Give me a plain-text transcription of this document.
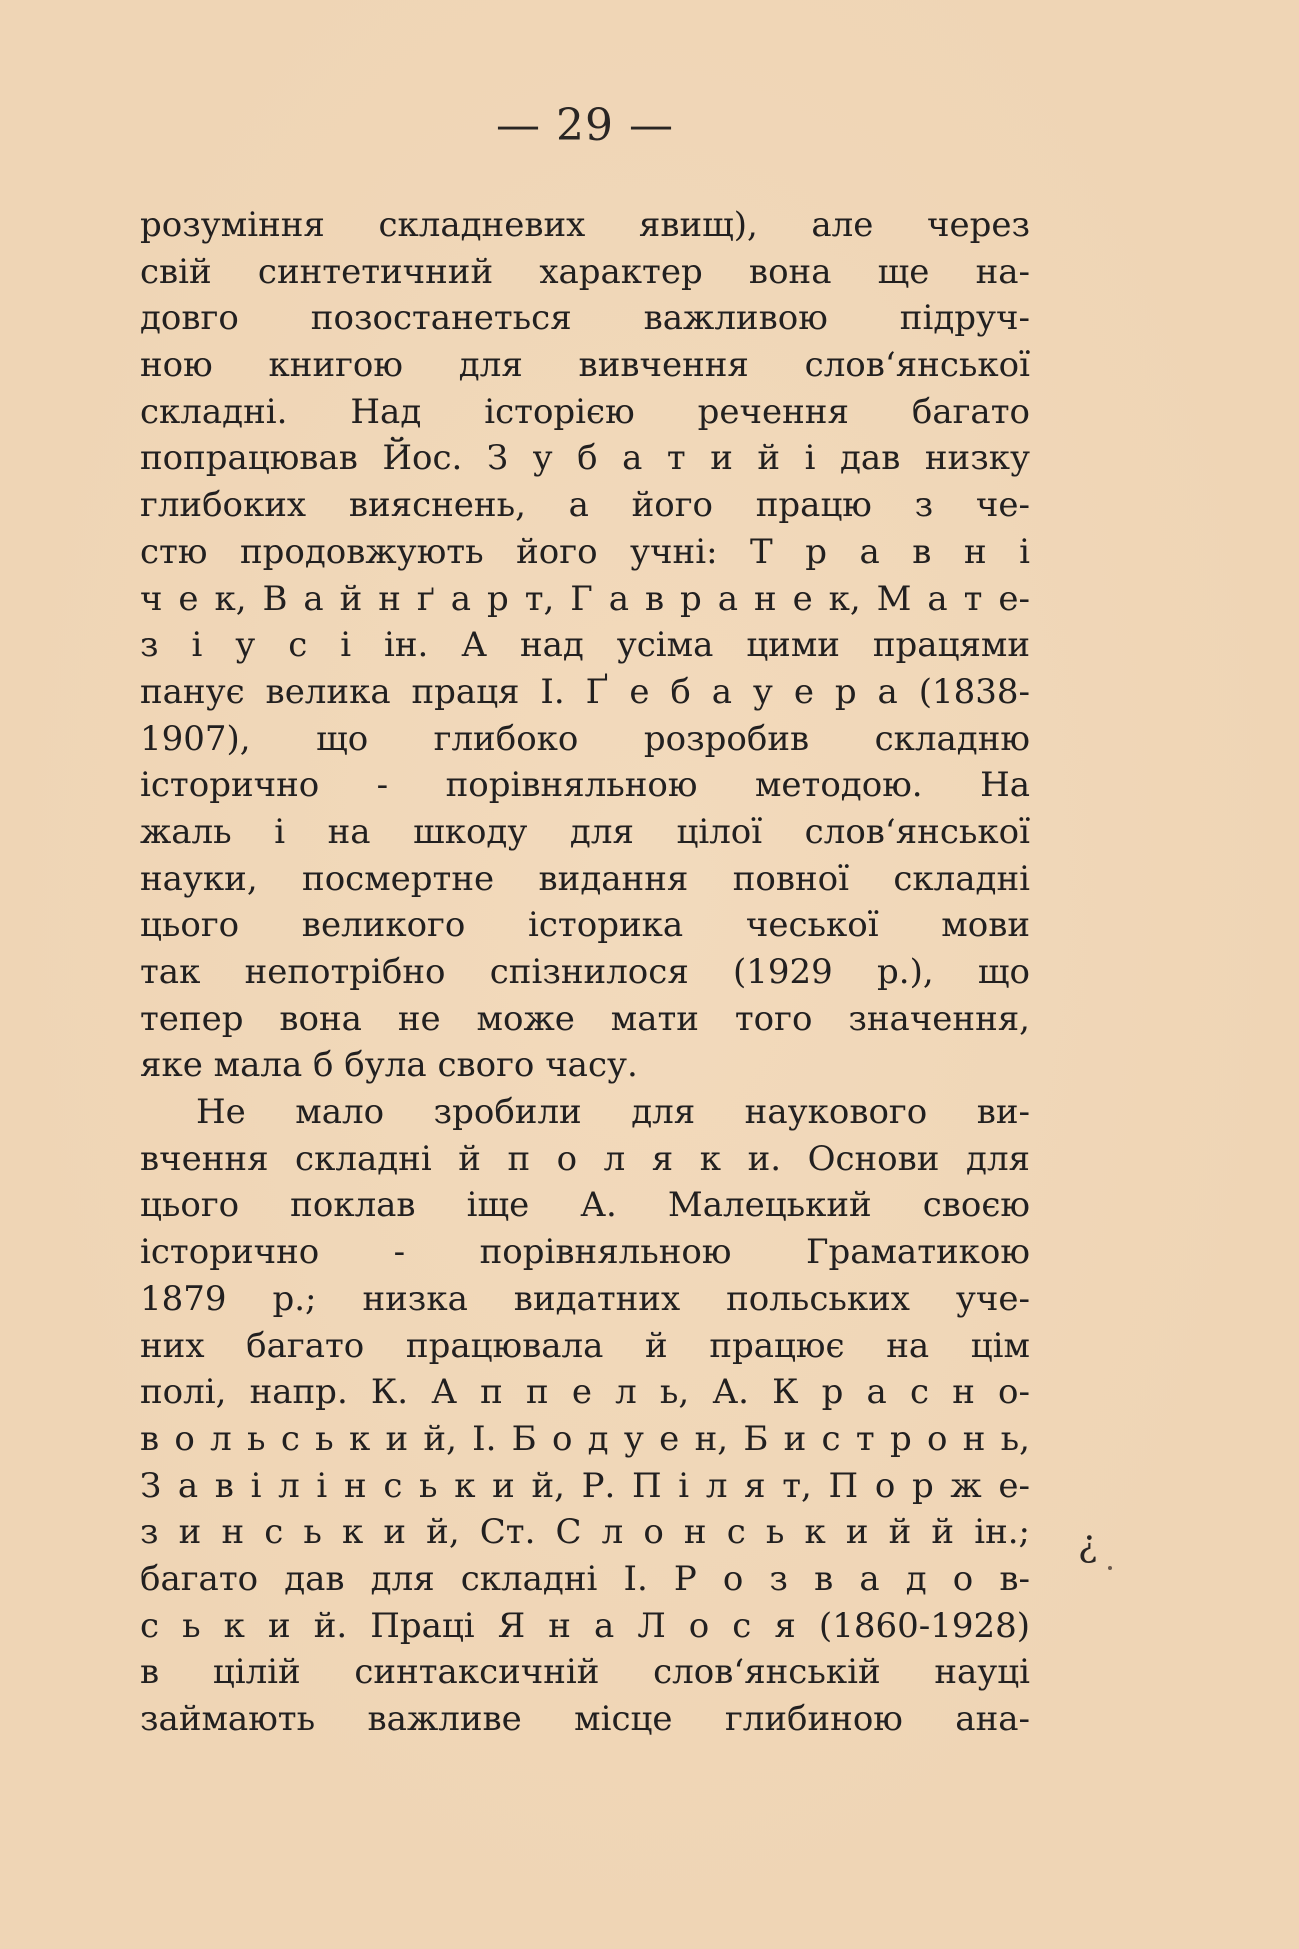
— 29 —
розуміння складневих явищ), але через
свій синтетичний характер вона ще на-
довго позостанеться важливою підруч-
ною книгою для вивчення слов‘янської
складні. Над історією речення багато
попрацював Йос. З у б а т и й і дав низку
глибоких вияснень, а його працю з че-
стю продовжують його учні: Т р а в н і
ч е к, В а й н ґ а р т, Г а в р а н е к, М а т е-
з і у с і ін. А над усіма цими працями
панує велика праця І. Ґ е б а у е р а (1838-
1907), що глибоко розробив складню
історично - порівняльною методою. На
жаль і на шкоду для цілої слов‘янської
науки, посмертне видання повної складні
цього великого історика чеської мови
так непотрібно спізнилося (1929 р.), що
тепер вона не може мати того значення,
яке мала б була свого часу.
Не мало зробили для наукового ви-
вчення складні й п о л я к и. Основи для
цього поклав іще А. Малецький своєю
історично - порівняльною Граматикою
1879 р.; низка видатних польських уче-
них багато працювала й працює на цім
полі, напр. К. А п п е л ь, А. К р а с н о-
в о л ь с ь к и й, І. Б о д у е н, Б и с т р о н ь,
З а в і л і н с ь к и й, Р. П і л я т, П о р ж е-
з и н с ь к и й, Ст. С л о н с ь к и й й ін.;
багато дав для складні І. Р о з в а д о в-
с ь к и й. Праці Я н а Л о с я (1860-1928)
в цілій синтаксичній слов‘янській науці
займають важливе місце глибиною ана-
¿
